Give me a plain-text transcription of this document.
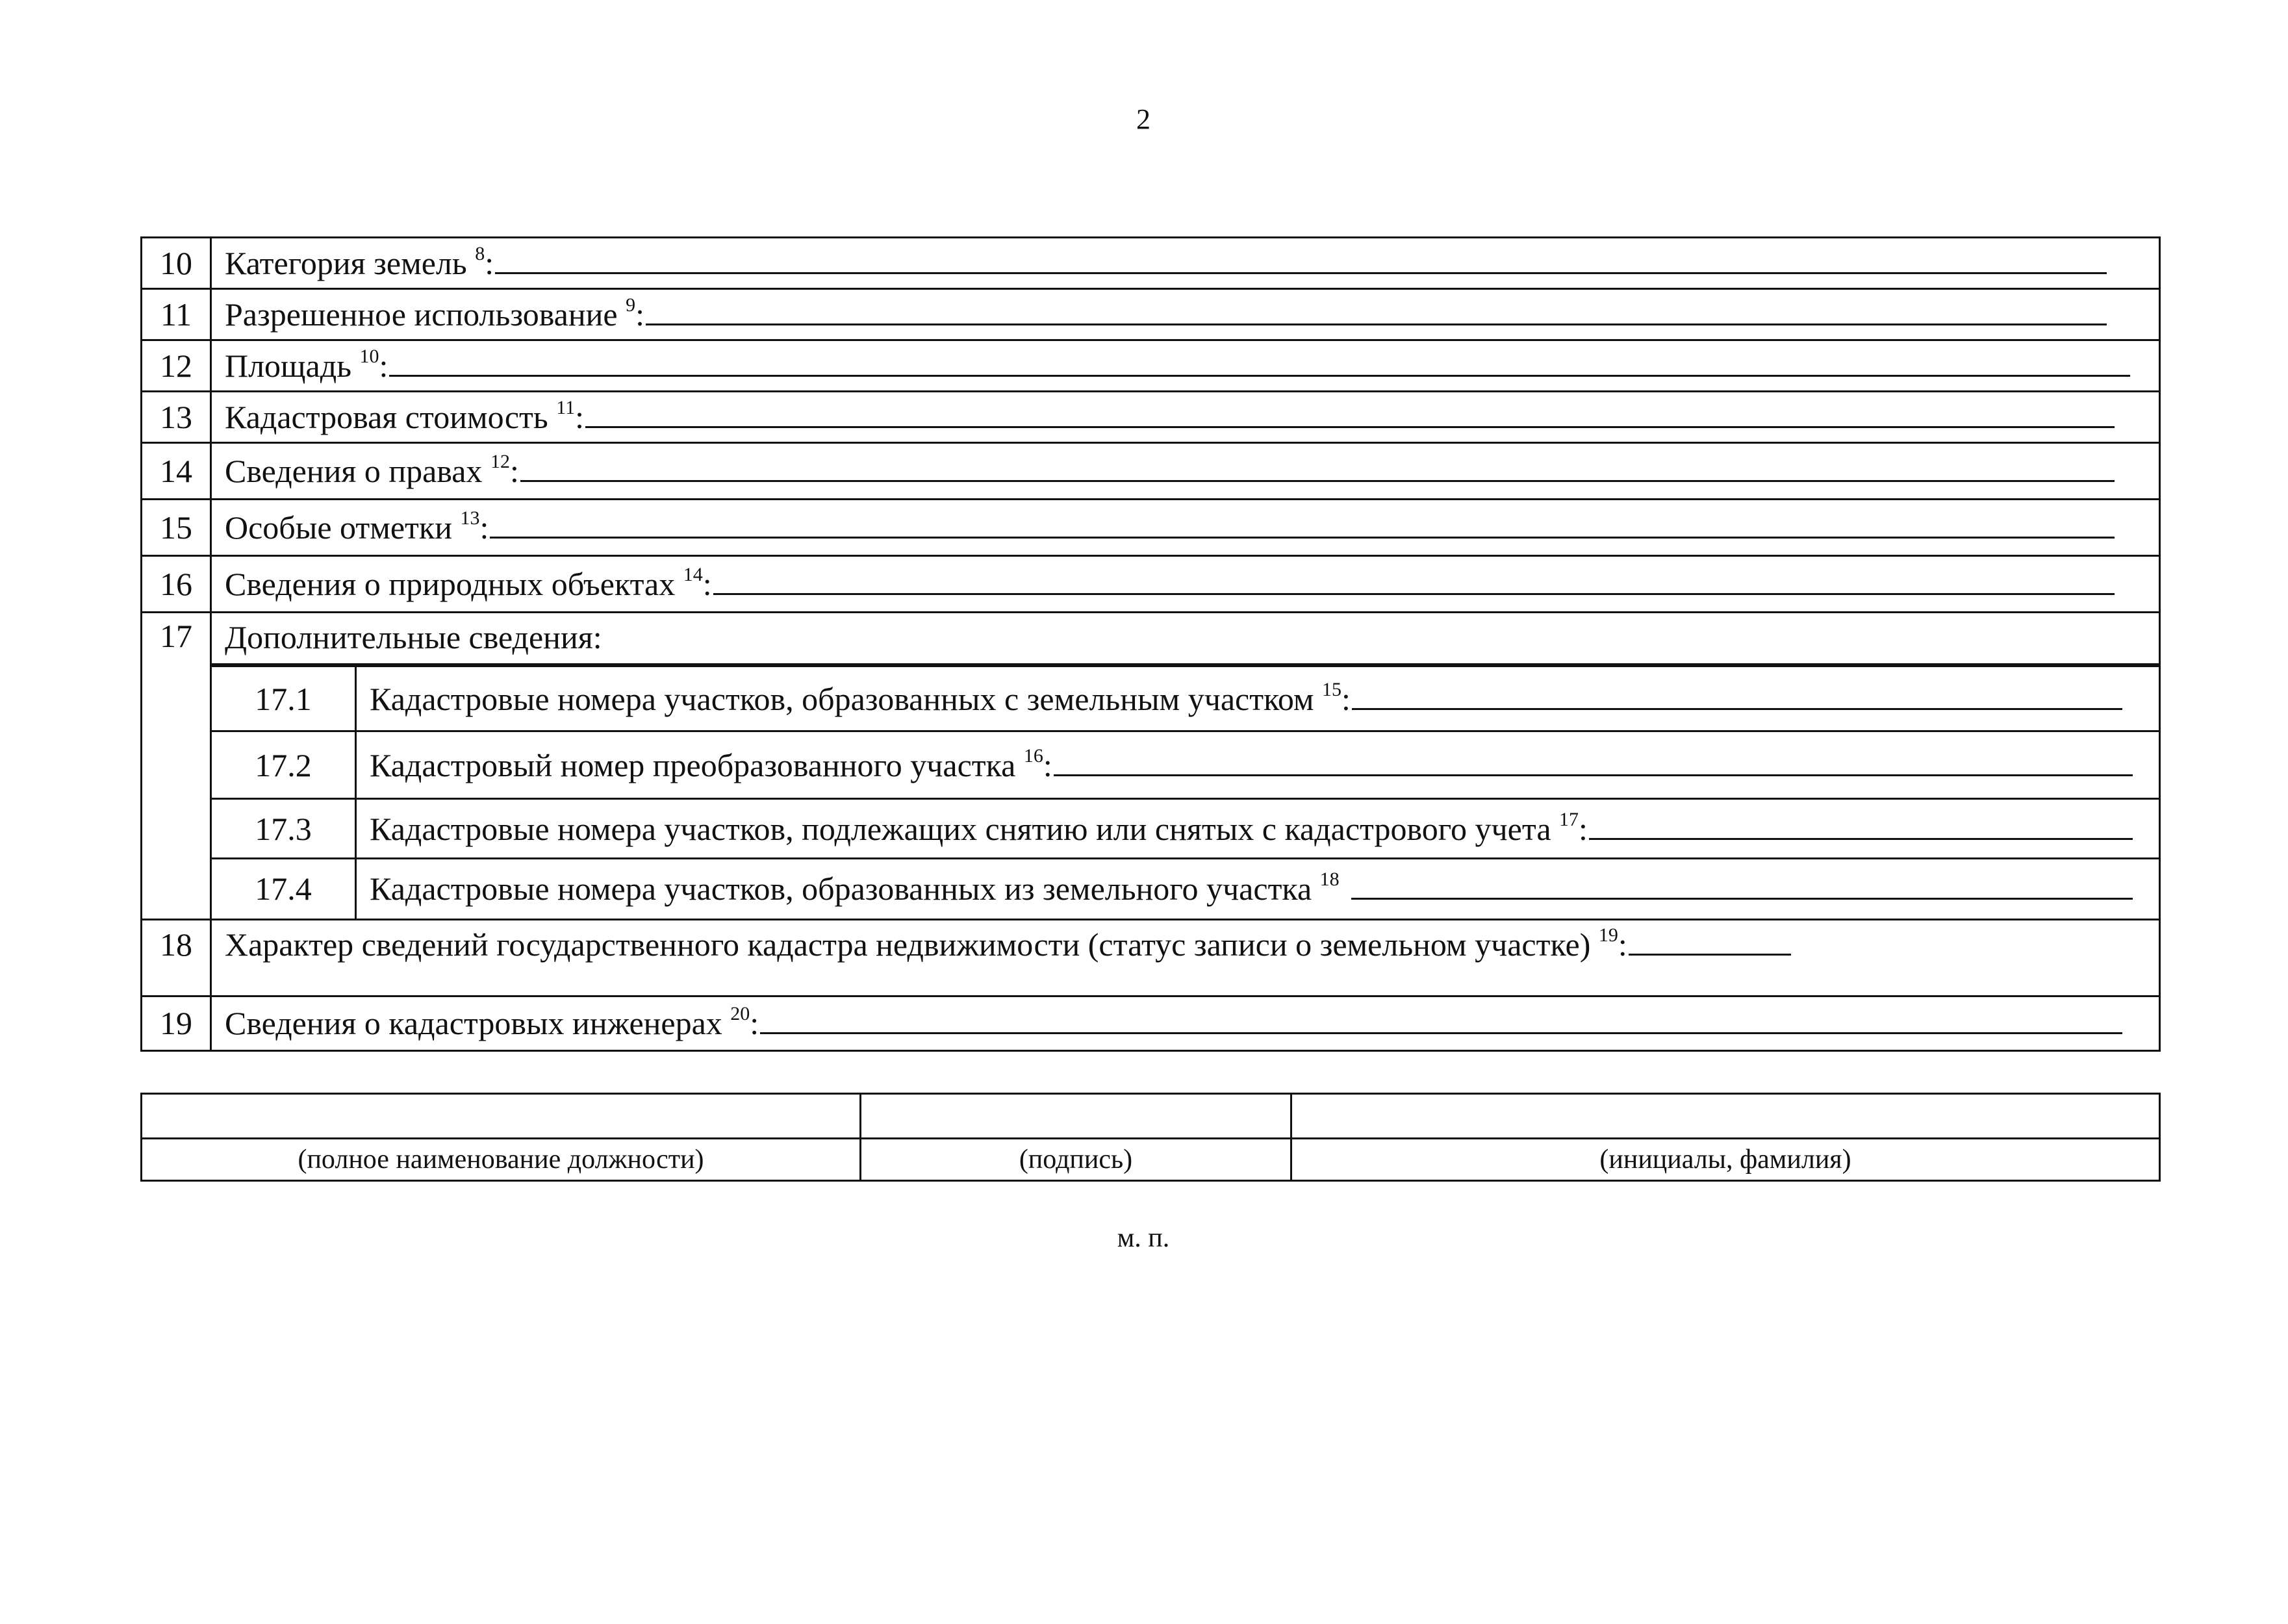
2
10	Категория земель $^8$:

11	Разрешенное использование $^9$:

12	Площадь $^{10}$:

13	Кадастровая стоимость $^{11}$:

14	Сведения о правах $^{12}$:

15	Особые отметки $^{13}$:

16	Сведения о природных объектах $^{14}$:

17	Дополнительные сведения:

17.1	Кадастровые номера участков, образованных с земельным участком $^{15}$:

17.2	Кадастровый номер преобразованного участка $^{16}$:

17.3	Кадастровые номера участков, подлежащих снятию или снятых с кадастрового учета $^{17}$:

17.4	Кадастровые номера участков, образованных из земельного участка $^{18}$

18	Характер сведений государственного кадастра недвижимости (статус записи о земельном участке) $^{19}$:

19	Сведения о кадастровых инженерах $^{20}$:

(полное наименование должности)	(подпись)	(инициалы, фамилия)
м. п.
